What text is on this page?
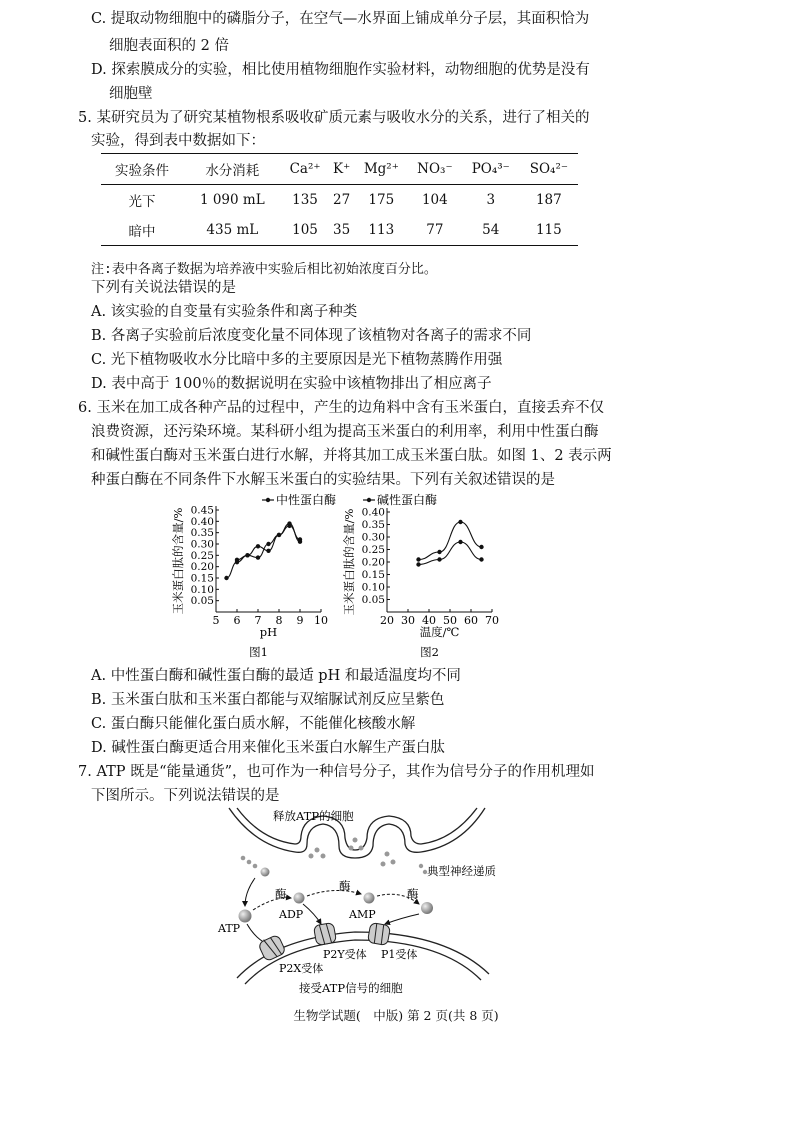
C. 提取动物细胞中的磷脂分子，在空气—水界面上铺成单分子层，其面积恰为
细胞表面积的 2 倍
D. 探索膜成分的实验，相比使用植物细胞作实验材料，动物细胞的优势是没有
细胞壁
5. 某研究员为了研究某植物根系吸收矿质元素与吸收水分的关系，进行了相关的
实验，得到表中数据如下：
实验条件	水分消耗	Ca²⁺	K⁺	Mg²⁺	NO₃⁻	PO₄³⁻	SO₄²⁻
光下	1 090 mL	135	27	175	104	3	187
暗中	435 mL	105	35	113	77	54	115
注:表中各离子数据为培养液中实验后相比初始浓度百分比。
下列有关说法错误的是
A. 该实验的自变量有实验条件和离子种类
B. 各离子实验前后浓度变化量不同体现了该植物对各离子的需求不同
C. 光下植物吸收水分比暗中多的主要原因是光下植物蒸腾作用强
D. 表中高于 100％的数据说明在实验中该植物排出了相应离子
6. 玉米在加工成各种产品的过程中，产生的边角料中含有玉米蛋白，直接丢弃不仅
浪费资源，还污染环境。某科研小组为提高玉米蛋白的利用率，利用中性蛋白酶
和碱性蛋白酶对玉米蛋白进行水解，并将其加工成玉米蛋白肽。如图 1、2 表示两
种蛋白酶在不同条件下水解玉米蛋白的实验结果。下列有关叙述错误的是
中性蛋白酶	碱性蛋白酶
5 6 7 8 9 10
0.05
0.10
0.15
0.20
0.25
0.30
0.35
0.40
0.45
pH
玉米蛋白肽的含量/%
图1
20 30 40 50 60 70
0.05
0.10
0.15
0.20
0.25
0.30
0.35
0.40
温度/℃
玉米蛋白肽的含量/%
图2
A. 中性蛋白酶和碱性蛋白酶的最适 pH 和最适温度均不同
B. 玉米蛋白肽和玉米蛋白都能与双缩脲试剂反应呈紫色
C. 蛋白酶只能催化蛋白质水解，不能催化核酸水解
D. 碱性蛋白酶更适合用来催化玉米蛋白水解生产蛋白肽
7. ATP 既是“能量通货”，也可作为一种信号分子，其作为信号分子的作用机理如
下图所示。下列说法错误的是
释放ATP的细胞
典型神经递质
酶
酶
酶
ADP	AMP
ATP
P2Y受体 P1受体
P2X受体
接受ATP信号的细胞
生物学试题(　中版) 第 2 页(共 8 页)
